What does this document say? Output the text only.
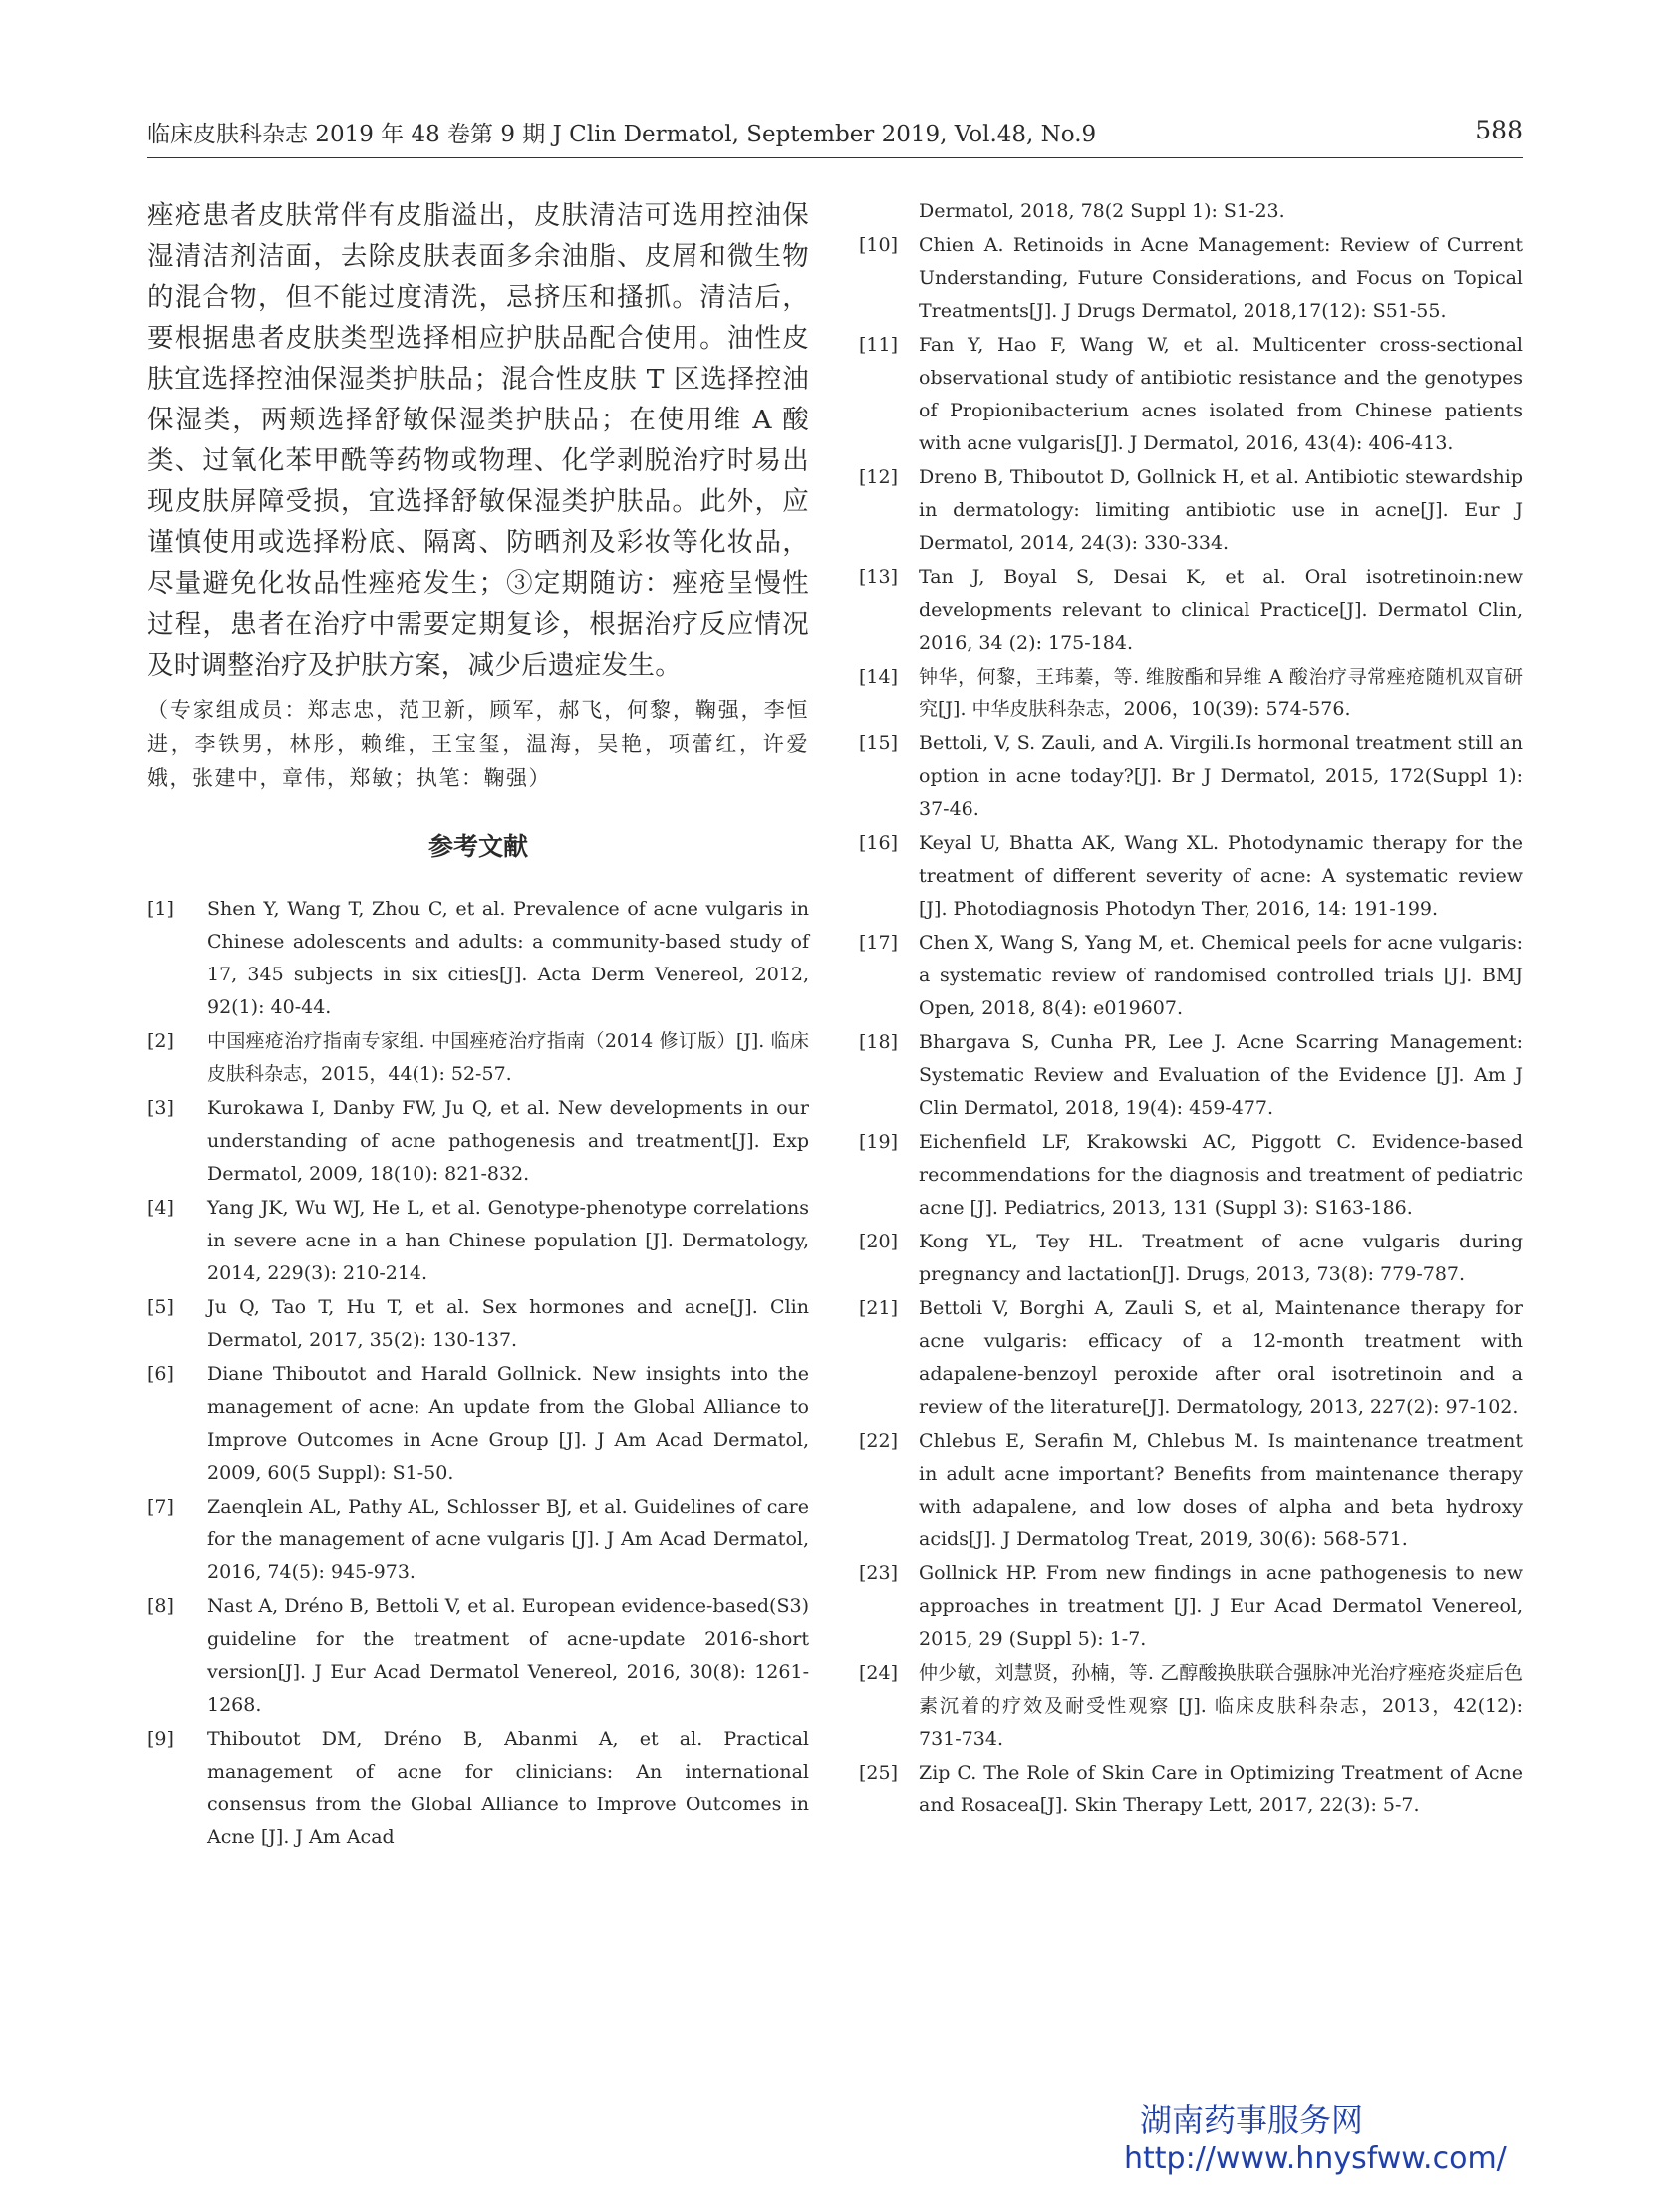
临床皮肤科杂志 2019 年 48 卷第 9 期 J Clin Dermatol, September 2019, Vol.48, No.9	588

痤疮患者皮肤常伴有皮脂溢出，皮肤清洁可选用控油保湿清洁剂洁面，去除皮肤表面多余油脂、皮屑和微生物的混合物，但不能过度清洗，忌挤压和搔抓。清洁后，要根据患者皮肤类型选择相应护肤品配合使用。油性皮肤宜选择控油保湿类护肤品；混合性皮肤 T 区选择控油保湿类，两颊选择舒敏保湿类护肤品；在使用维 A 酸类、过氧化苯甲酰等药物或物理、化学剥脱治疗时易出现皮肤屏障受损，宜选择舒敏保湿类护肤品。此外，应谨慎使用或选择粉底、隔离、防晒剂及彩妆等化妆品，尽量避免化妆品性痤疮发生；③定期随访：痤疮呈慢性过程，患者在治疗中需要定期复诊，根据治疗反应情况及时调整治疗及护肤方案，减少后遗症发生。

（专家组成员：郑志忠，范卫新，顾军，郝飞，何黎，鞠强，李恒进，李铁男，林彤，赖维，王宝玺，温海，吴艳，项蕾红，许爱娥，张建中，章伟，郑敏；执笔：鞠强）

参考文献
[1]	Shen Y, Wang T, Zhou C, et al. Prevalence of acne vulgaris in Chinese adolescents and adults: a community-based study of 17, 345 subjects in six cities[J]. Acta Derm Venereol, 2012, 92(1): 40-44.
[2]	中国痤疮治疗指南专家组. 中国痤疮治疗指南（2014 修订版）[J]. 临床皮肤科杂志，2015，44(1): 52-57.
[3]	Kurokawa I, Danby FW, Ju Q, et al. New developments in our understanding of acne pathogenesis and treatment[J]. Exp Dermatol, 2009, 18(10): 821-832.
[4]	Yang JK, Wu WJ, He L, et al. Genotype-phenotype correlations in severe acne in a han Chinese population [J]. Dermatology, 2014, 229(3): 210-214.
[5]	Ju Q, Tao T, Hu T, et al. Sex hormones and acne[J]. Clin Dermatol, 2017, 35(2): 130-137.
[6]	Diane Thiboutot and Harald Gollnick. New insights into the management of acne: An update from the Global Alliance to Improve Outcomes in Acne Group [J]. J Am Acad Dermatol, 2009, 60(5 Suppl): S1-50.
[7]	Zaenqlein AL, Pathy AL, Schlosser BJ, et al. Guidelines of care for the management of acne vulgaris [J]. J Am Acad Dermatol, 2016, 74(5): 945-973.
[8]	Nast A, Dréno B, Bettoli V, et al. European evidence-based(S3) guideline for the treatment of acne-update 2016-short version[J]. J Eur Acad Dermatol Venereol, 2016, 30(8): 1261-1268.
[9]	Thiboutot DM, Dréno B, Abanmi A, et al. Practical management of acne for clinicians: An international consensus from the Global Alliance to Improve Outcomes in Acne [J]. J Am Acad
Dermatol, 2018, 78(2 Suppl 1): S1-23.
[10]	Chien A. Retinoids in Acne Management: Review of Current Understanding, Future Considerations, and Focus on Topical Treatments[J]. J Drugs Dermatol, 2018,17(12): S51-55.
[11]	Fan Y, Hao F, Wang W, et al. Multicenter cross-sectional observational study of antibiotic resistance and the genotypes of Propionibacterium acnes isolated from Chinese patients with acne vulgaris[J]. J Dermatol, 2016, 43(4): 406-413.
[12]	Dreno B, Thiboutot D, Gollnick H, et al. Antibiotic stewardship in dermatology: limiting antibiotic use in acne[J]. Eur J Dermatol, 2014, 24(3): 330-334.
[13]	Tan J, Boyal S, Desai K, et al. Oral isotretinoin:new developments relevant to clinical Practice[J]. Dermatol Clin, 2016, 34 (2): 175-184.
[14]	钟华，何黎，王玮蓁，等. 维胺酯和异维 A 酸治疗寻常痤疮随机双盲研究[J]. 中华皮肤科杂志，2006，10(39): 574-576.
[15]	Bettoli, V, S. Zauli, and A. Virgili.Is hormonal treatment still an option in acne today?[J]. Br J Dermatol, 2015, 172(Suppl 1): 37-46.
[16]	Keyal U, Bhatta AK, Wang XL. Photodynamic therapy for the treatment of different severity of acne: A systematic review [J]. Photodiagnosis Photodyn Ther, 2016, 14: 191-199.
[17]	Chen X, Wang S, Yang M, et. Chemical peels for acne vulgaris: a systematic review of randomised controlled trials [J]. BMJ Open, 2018, 8(4): e019607.
[18]	Bhargava S, Cunha PR, Lee J. Acne Scarring Management: Systematic Review and Evaluation of the Evidence [J]. Am J Clin Dermatol, 2018, 19(4): 459-477.
[19]	Eichenfield LF, Krakowski AC, Piggott C. Evidence-based recommendations for the diagnosis and treatment of pediatric acne [J]. Pediatrics, 2013, 131 (Suppl 3): S163-186.
[20]	Kong YL, Tey HL. Treatment of acne vulgaris during pregnancy and lactation[J]. Drugs, 2013, 73(8): 779-787.
[21]	Bettoli V, Borghi A, Zauli S, et al, Maintenance therapy for acne vulgaris: efficacy of a 12-month treatment with adapalene-benzoyl peroxide after oral isotretinoin and a review of the literature[J]. Dermatology, 2013, 227(2): 97-102.
[22]	Chlebus E, Serafin M, Chlebus M. Is maintenance treatment in adult acne important? Benefits from maintenance therapy with adapalene, and low doses of alpha and beta hydroxy acids[J]. J Dermatolog Treat, 2019, 30(6): 568-571.
[23]	Gollnick HP. From new findings in acne pathogenesis to new approaches in treatment [J]. J Eur Acad Dermatol Venereol, 2015, 29 (Suppl 5): 1-7.
[24]	仲少敏，刘慧贤，孙楠，等. 乙醇酸换肤联合强脉冲光治疗痤疮炎症后色素沉着的疗效及耐受性观察 [J]. 临床皮肤科杂志，2013，42(12): 731-734.
[25]	Zip C. The Role of Skin Care in Optimizing Treatment of Acne and Rosacea[J]. Skin Therapy Lett, 2017, 22(3): 5-7.
湖南药事服务网
http://www.hnysfww.com/
